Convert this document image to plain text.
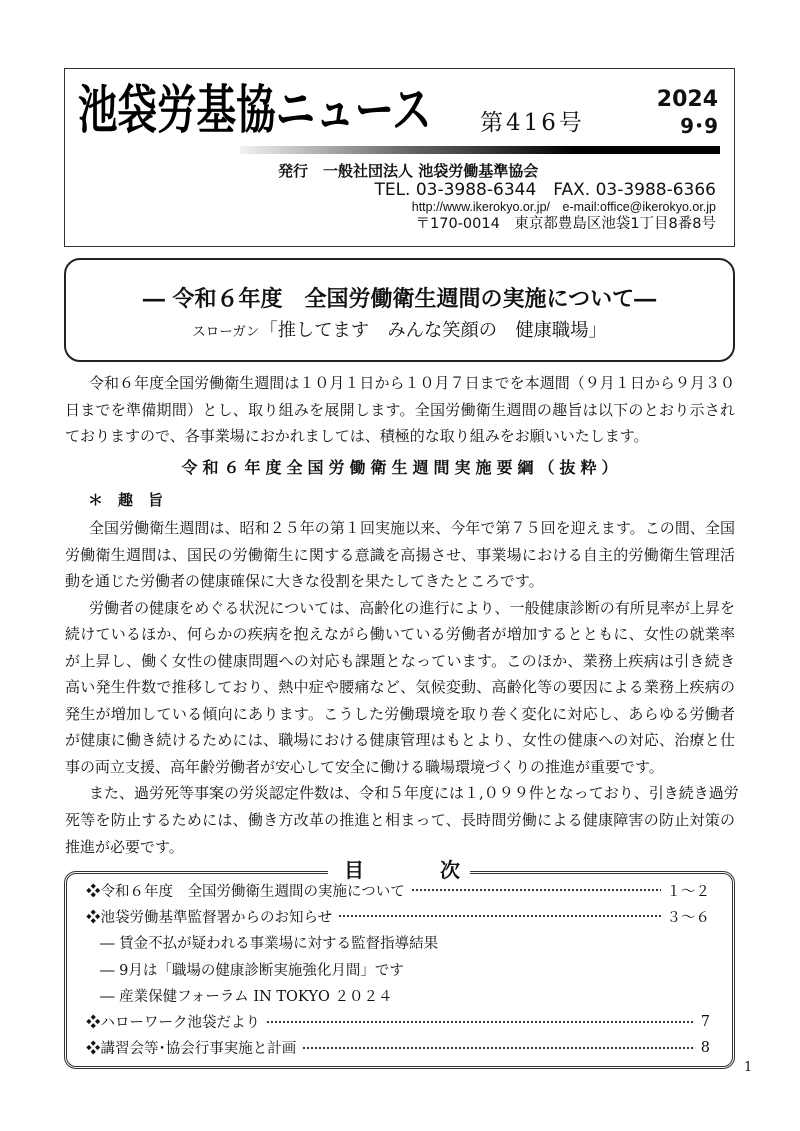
池袋労基協ニュース 第416号
2024
9･9
発行　一般社団法人 池袋労働基準協会
TEL. 03-3988-6344　FAX. 03-3988-6366
http://www.ikerokyo.or.jp/　e-mail:office@ikerokyo.or.jp
〒170-0014　東京都豊島区池袋1丁目8番8号
― 令和６年度　全国労働衛生週間の実施について―
スローガン「推してます　みんな笑顔の　健康職場」
令和６年度全国労働衛生週間は１０月１日から１０月７日までを本週間（９月１日から９月３０
日までを準備期間）とし、取り組みを展開します。全国労働衛生週間の趣旨は以下のとおり示され
ておりますので、各事業場におかれましては、積極的な取り組みをお願いいたします。
令和６年度全国労働衛生週間実施要綱（抜粋）
＊　趣　旨
全国労働衛生週間は、昭和２５年の第１回実施以来、今年で第７５回を迎えます。この間、全国
労働衛生週間は、国民の労働衛生に関する意識を高揚させ、事業場における自主的労働衛生管理活
動を通じた労働者の健康確保に大きな役割を果たしてきたところです。
労働者の健康をめぐる状況については、高齢化の進行により、一般健康診断の有所見率が上昇を
続けているほか、何らかの疾病を抱えながら働いている労働者が増加するとともに、女性の就業率
が上昇し、働く女性の健康問題への対応も課題となっています。このほか、業務上疾病は引き続き
高い発生件数で推移しており、熱中症や腰痛など、気候変動、高齢化等の要因による業務上疾病の
発生が増加している傾向にあります。こうした労働環境を取り巻く変化に対応し、あらゆる労働者
が健康に働き続けるためには、職場における健康管理はもとより、女性の健康への対応、治療と仕
事の両立支援、高年齢労働者が安心して安全に働ける職場環境づくりの推進が重要です。
また、過労死等事案の労災認定件数は、令和５年度には１,０９９件となっており、引き続き過労
死等を防止するためには、働き方改革の推進と相まって、長時間労働による健康障害の防止対策の
推進が必要です。
目　次
❖令和６年度　全国労働衛生週間の実施について	１～２
❖池袋労働基準監督署からのお知らせ	３～６
― 賃金不払が疑われる事業場に対する監督指導結果
― 9月は「職場の健康診断実施強化月間」です
― 産業保健フォーラム IN TOKYO ２０２４
❖ハローワーク池袋だより	7
❖講習会等･協会行事実施と計画	8
1
